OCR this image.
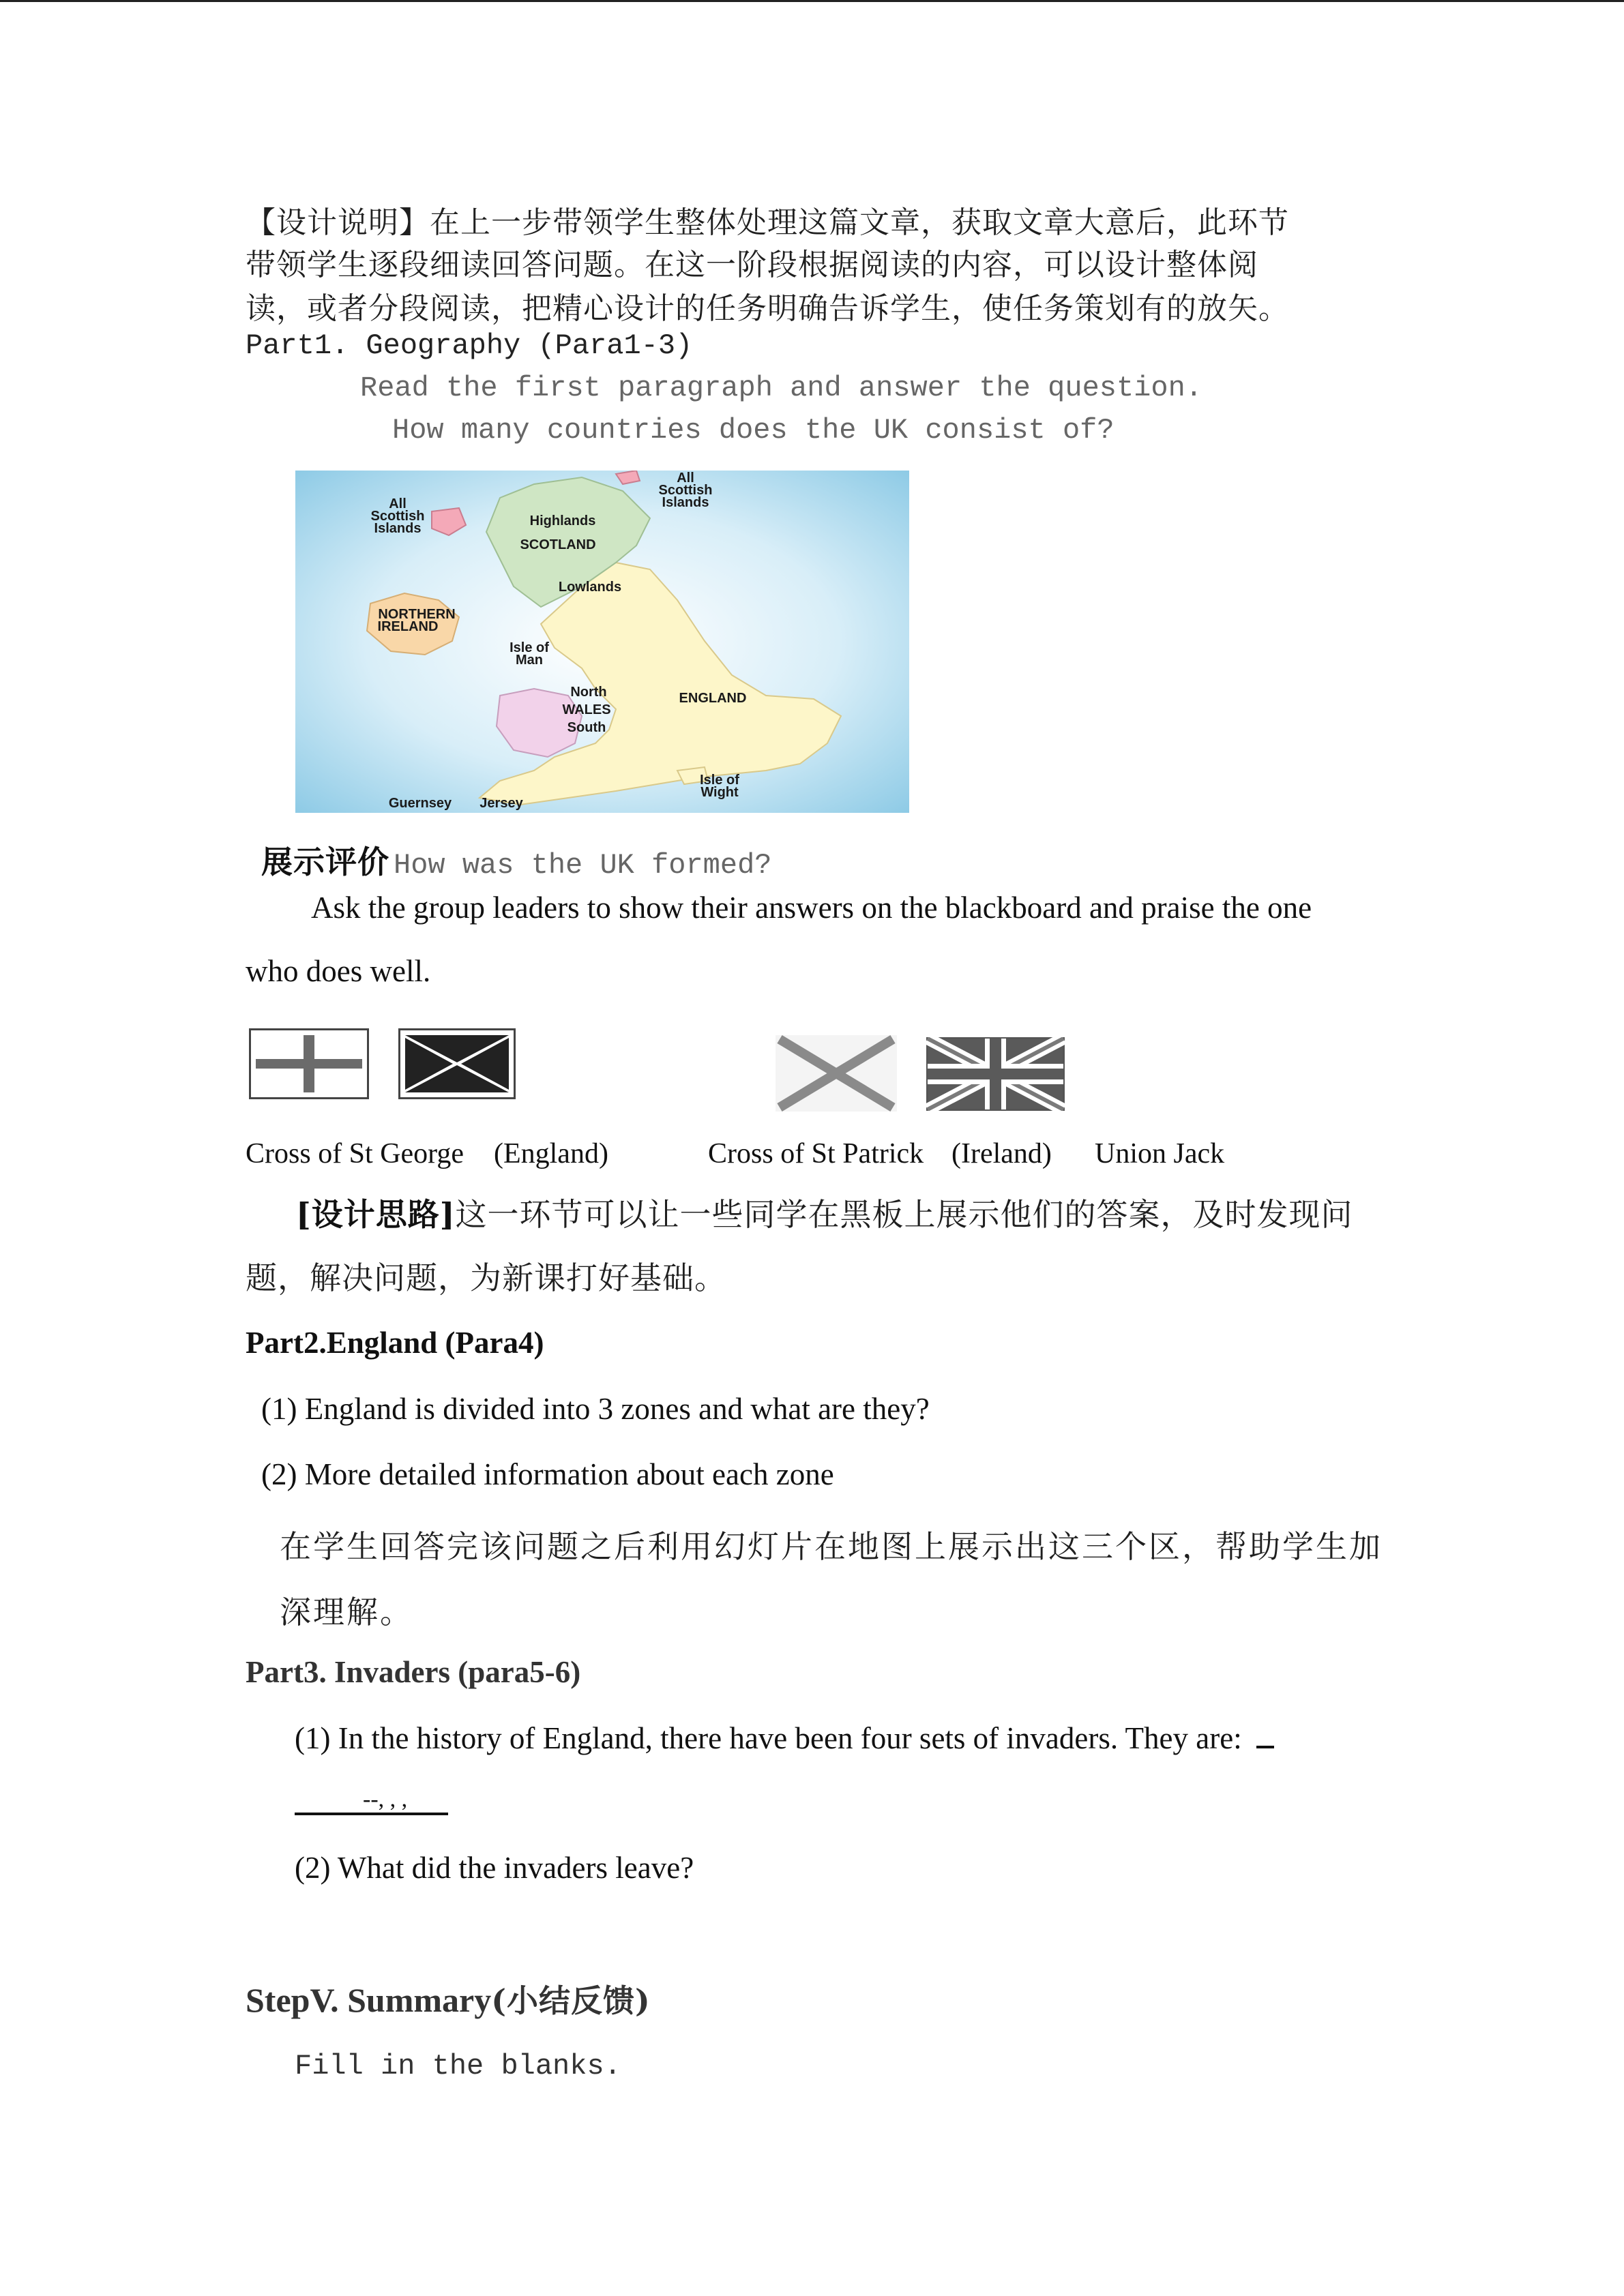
【设计说明】在上一步带领学生整体处理这篇文章，获取文章大意后，此环节
带领学生逐段细读回答问题。在这一阶段根据阅读的内容，可以设计整体阅
读，或者分段阅读，把精心设计的任务明确告诉学生，使任务策划有的放矢。
Part1. Geography (Para1-3)
Read the first paragraph and answer the question.
How many countries does the UK consist of?
All
Scottish
Islands
All
Scottish
Islands	Highlands
SCOTLAND
Lowlands
NORTHERN
IRELAND
Isle of
Man
North
WALES
South
ENGLAND
Isle of
Wight
Guernsey Jersey
展示评价 How was the UK formed?
Ask the group leaders to show their answers on the blackboard and praise the one
who does well.
Cross of St George (England)	Cross of St Patrick (Ireland) Union Jack
[设计思路]这一环节可以让一些同学在黑板上展示他们的答案，及时发现问
题，解决问题，为新课打好基础。
Part2.England (Para4)
(1) England is divided into 3 zones and what are they?
(2) More detailed information about each zone
在学生回答完该问题之后利用幻灯片在地图上展示出这三个区，帮助学生加
深理解。
Part3. Invaders (para5-6)
(1) In the history of England, there have been four sets of invaders. They are:
--, , ,
(2) What did the invaders leave?
StepV. Summary(小结反馈)
Fill in the blanks.
